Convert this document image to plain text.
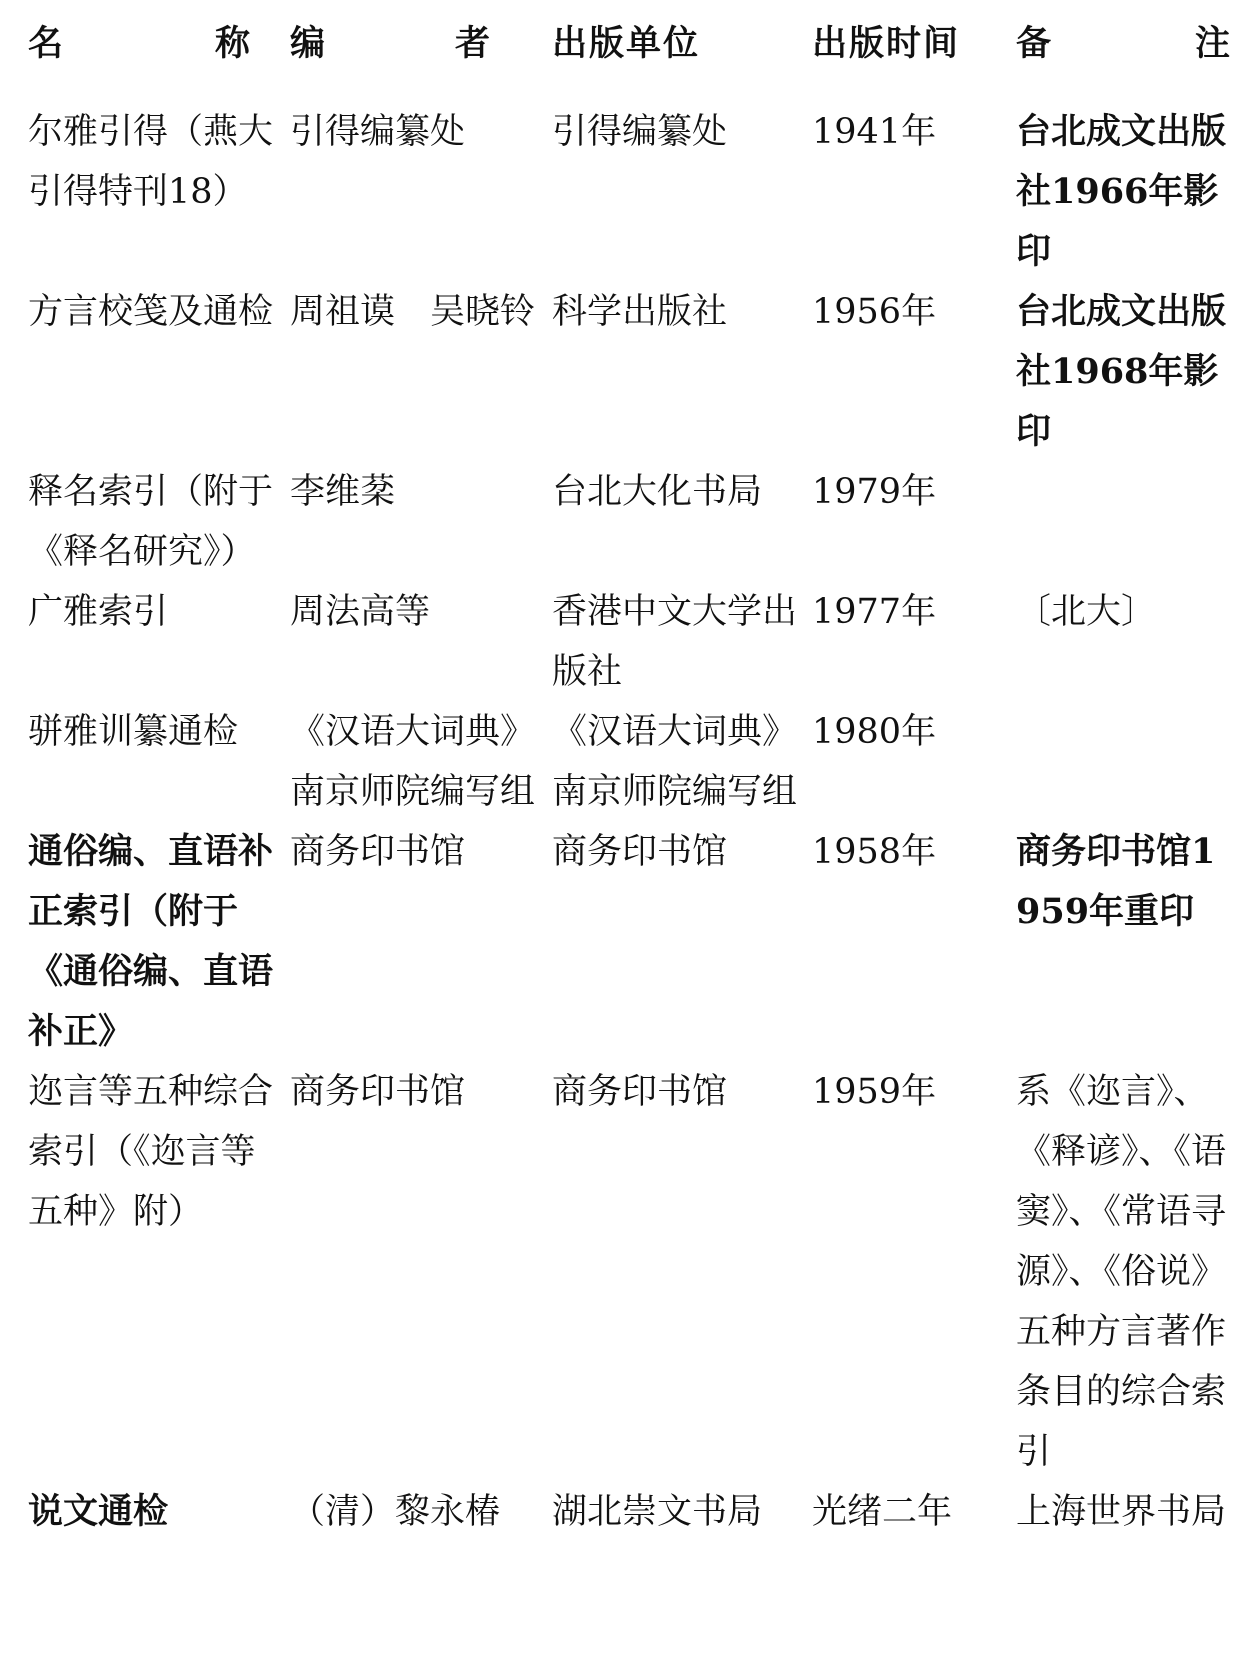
名　　称	编　　者	出版单位	出版时间	备　　注

尔雅引得（燕大引得特刊18）	引得编纂处	引得编纂处	1941年	台北成文出版社1966年影印
方言校笺及通检	周祖谟　吴晓铃	科学出版社	1956年	台北成文出版社1968年影印
释名索引（附于《释名研究》）	李维棻	台北大化书局	1979年	
广雅索引	周法高等	香港中文大学出版社	1977年	〔北大〕
骈雅训纂通检	《汉语大词典》南京师院编写组	《汉语大词典》南京师院编写组	1980年	
通俗编、直语补正索引（附于《通俗编、直语补正》	商务印书馆	商务印书馆	1958年	商务印书馆1959年重印
迩言等五种综合索引（《迩言等五种》附）	商务印书馆	商务印书馆	1959年	系《迩言》、《释谚》、《语窦》、《常语寻源》、《俗说》五种方言著作条目的综合索引
说文通检	（清）黎永椿	湖北崇文书局	光绪二年	上海世界书局
